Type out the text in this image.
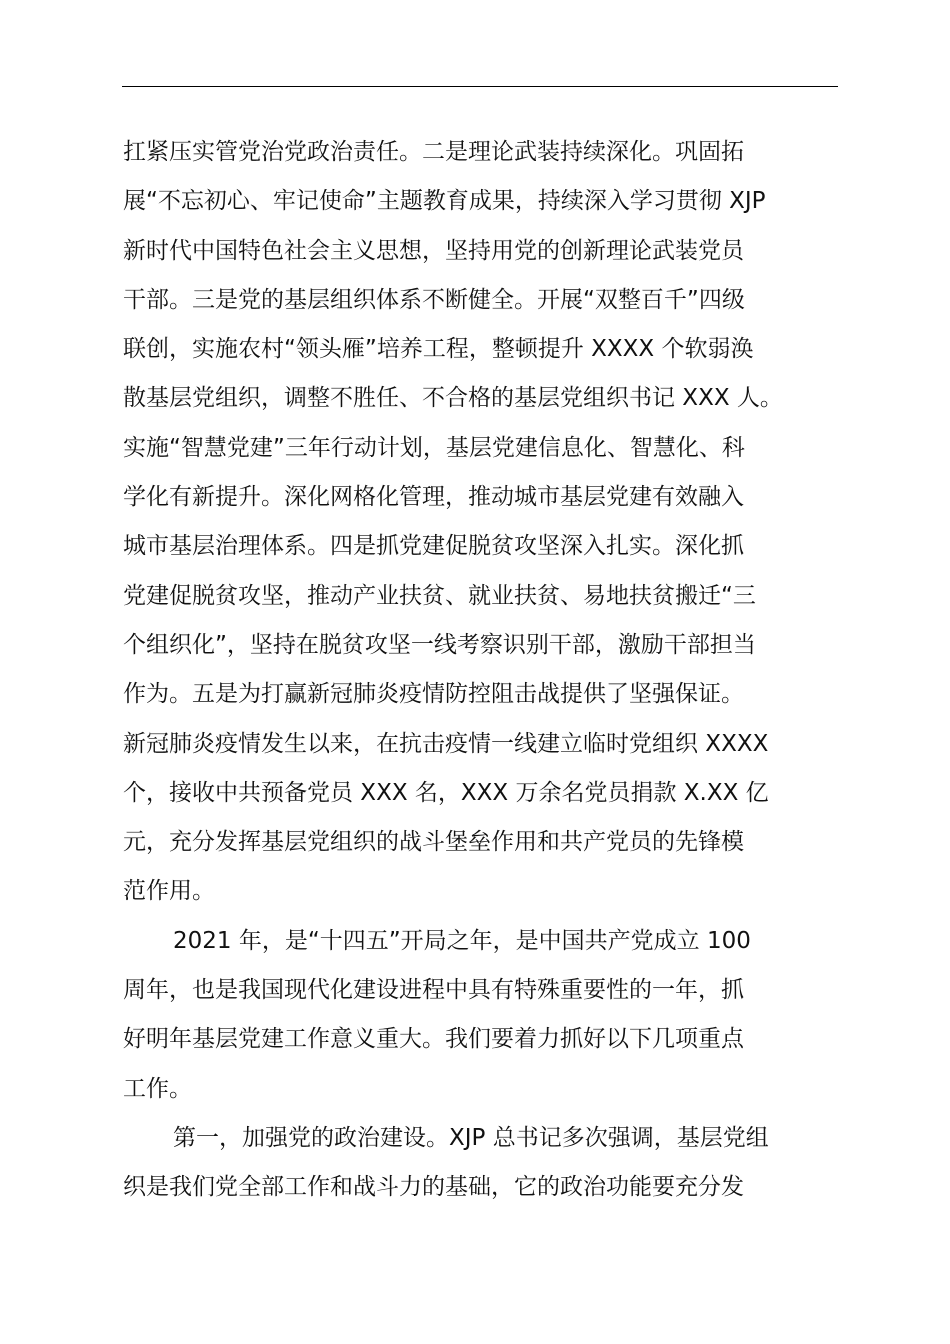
扛紧压实管党治党政治责任。二是理论武装持续深化。巩固拓
展“不忘初心、牢记使命”主题教育成果，持续深入学习贯彻 XJP
新时代中国特色社会主义思想，坚持用党的创新理论武装党员
干部。三是党的基层组织体系不断健全。开展“双整百千”四级
联创，实施农村“领头雁”培养工程，整顿提升 XXXX 个软弱涣
散基层党组织，调整不胜任、不合格的基层党组织书记 XXX 人。
实施“智慧党建”三年行动计划，基层党建信息化、智慧化、科
学化有新提升。深化网格化管理，推动城市基层党建有效融入
城市基层治理体系。四是抓党建促脱贫攻坚深入扎实。深化抓
党建促脱贫攻坚，推动产业扶贫、就业扶贫、易地扶贫搬迁“三
个组织化”，坚持在脱贫攻坚一线考察识别干部，激励干部担当
作为。五是为打赢新冠肺炎疫情防控阻击战提供了坚强保证。
新冠肺炎疫情发生以来，在抗击疫情一线建立临时党组织 XXXX
个，接收中共预备党员 XXX 名，XXX 万余名党员捐款 X.XX 亿
元，充分发挥基层党组织的战斗堡垒作用和共产党员的先锋模
范作用。
2021 年，是“十四五”开局之年，是中国共产党成立 100
周年，也是我国现代化建设进程中具有特殊重要性的一年，抓
好明年基层党建工作意义重大。我们要着力抓好以下几项重点
工作。
第一，加强党的政治建设。XJP 总书记多次强调，基层党组
织是我们党全部工作和战斗力的基础，它的政治功能要充分发
